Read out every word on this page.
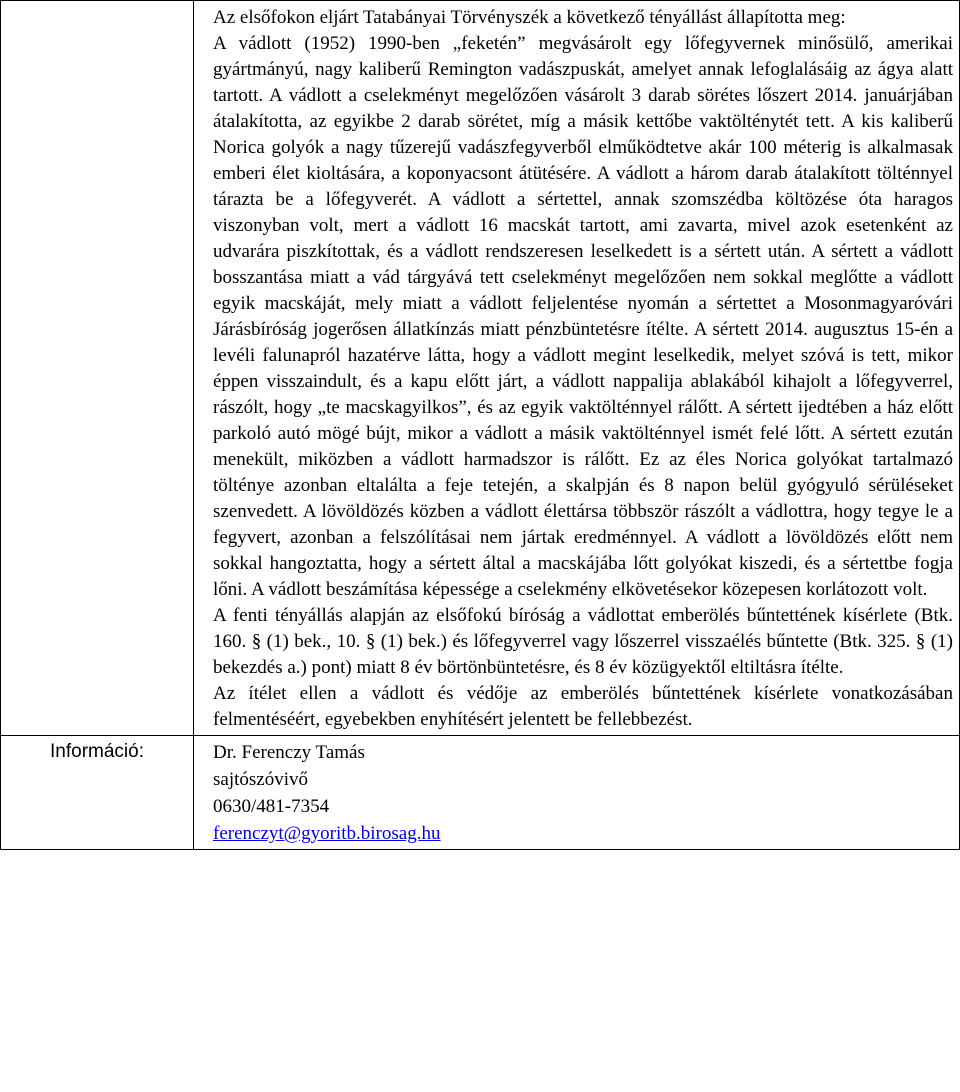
	Az elsőfokon eljárt Tatabányai Törvényszék a következő tényállást állapította meg:

A vádlott (1952) 1990-ben „feketén” megvásárolt egy lőfegyvernek minősülő, amerikai gyártmányú, nagy kaliberű Remington vadászpuskát, amelyet annak lefoglalásáig az ágya alatt tartott. A vádlott a cselekményt megelőzően vásárolt 3 darab sörétes lőszert 2014. januárjában átalakította, az egyikbe 2 darab sörétet, míg a másik kettőbe vaktölténytét tett. A kis kaliberű Norica golyók a nagy tűzerejű vadászfegyverből elműködtetve akár 100 méterig is alkalmasak emberi élet kioltására, a koponyacsont átütésére. A vádlott a három darab átalakított tölténnyel tárazta be a lőfegyverét. A vádlott a sértettel, annak szomszédba költözése óta haragos viszonyban volt, mert a vádlott 16 macskát tartott, ami zavarta, mivel azok esetenként az udvarára piszkítottak, és a vádlott rendszeresen leselkedett is a sértett után. A sértett a vádlott bosszantása miatt a vád tárgyává tett cselekményt megelőzően nem sokkal meglőtte a vádlott egyik macskáját, mely miatt a vádlott feljelentése nyomán a sértettet a Mosonmagyaróvári Járásbíróság jogerősen állatkínzás miatt pénzbüntetésre ítélte. A sértett 2014. augusztus 15-én a levéli falunapról hazatérve látta, hogy a vádlott megint leselkedik, melyet szóvá is tett, mikor éppen visszaindult, és a kapu előtt járt, a vádlott nappalija ablakából kihajolt a lőfegyverrel, rászólt, hogy „te macskagyilkos”, és az egyik vaktölténnyel rálőtt. A sértett ijedtében a ház előtt parkoló autó mögé bújt, mikor a vádlott a másik vaktölténnyel ismét felé lőtt. A sértett ezután menekült, miközben a vádlott harmadszor is rálőtt. Ez az éles Norica golyókat tartalmazó tölténye azonban eltalálta a feje tetején, a skalpján és 8 napon belül gyógyuló sérüléseket szenvedett. A lövöldözés közben a vádlott élettársa többször rászólt a vádlottra, hogy tegye le a fegyvert, azonban a felszólításai nem jártak eredménnyel. A vádlott a lövöldözés előtt nem sokkal hangoztatta, hogy a sértett által a macskájába lőtt golyókat kiszedi, és a sértettbe fogja lőni. A vádlott beszámítása képessége a cselekmény elkövetésekor közepesen korlátozott volt.

A fenti tényállás alapján az elsőfokú bíróság a vádlottat emberölés bűntettének kísérlete (Btk. 160. § (1) bek., 10. § (1) bek.) és lőfegyverrel vagy lőszerrel visszaélés bűntette (Btk. 325. § (1) bekezdés a.) pont) miatt 8 év börtönbüntetésre, és 8 év közügyektől eltiltásra ítélte.

Az ítélet ellen a vádlott és védője az emberölés bűntettének kísérlete vonatkozásában felmentéséért, egyebekben enyhítésért jelentett be fellebbezést.

Információ:	Dr. Ferenczy Tamás
sajtószóvivő
0630/481-7354
ferenczyt@gyoritb.birosag.hu
